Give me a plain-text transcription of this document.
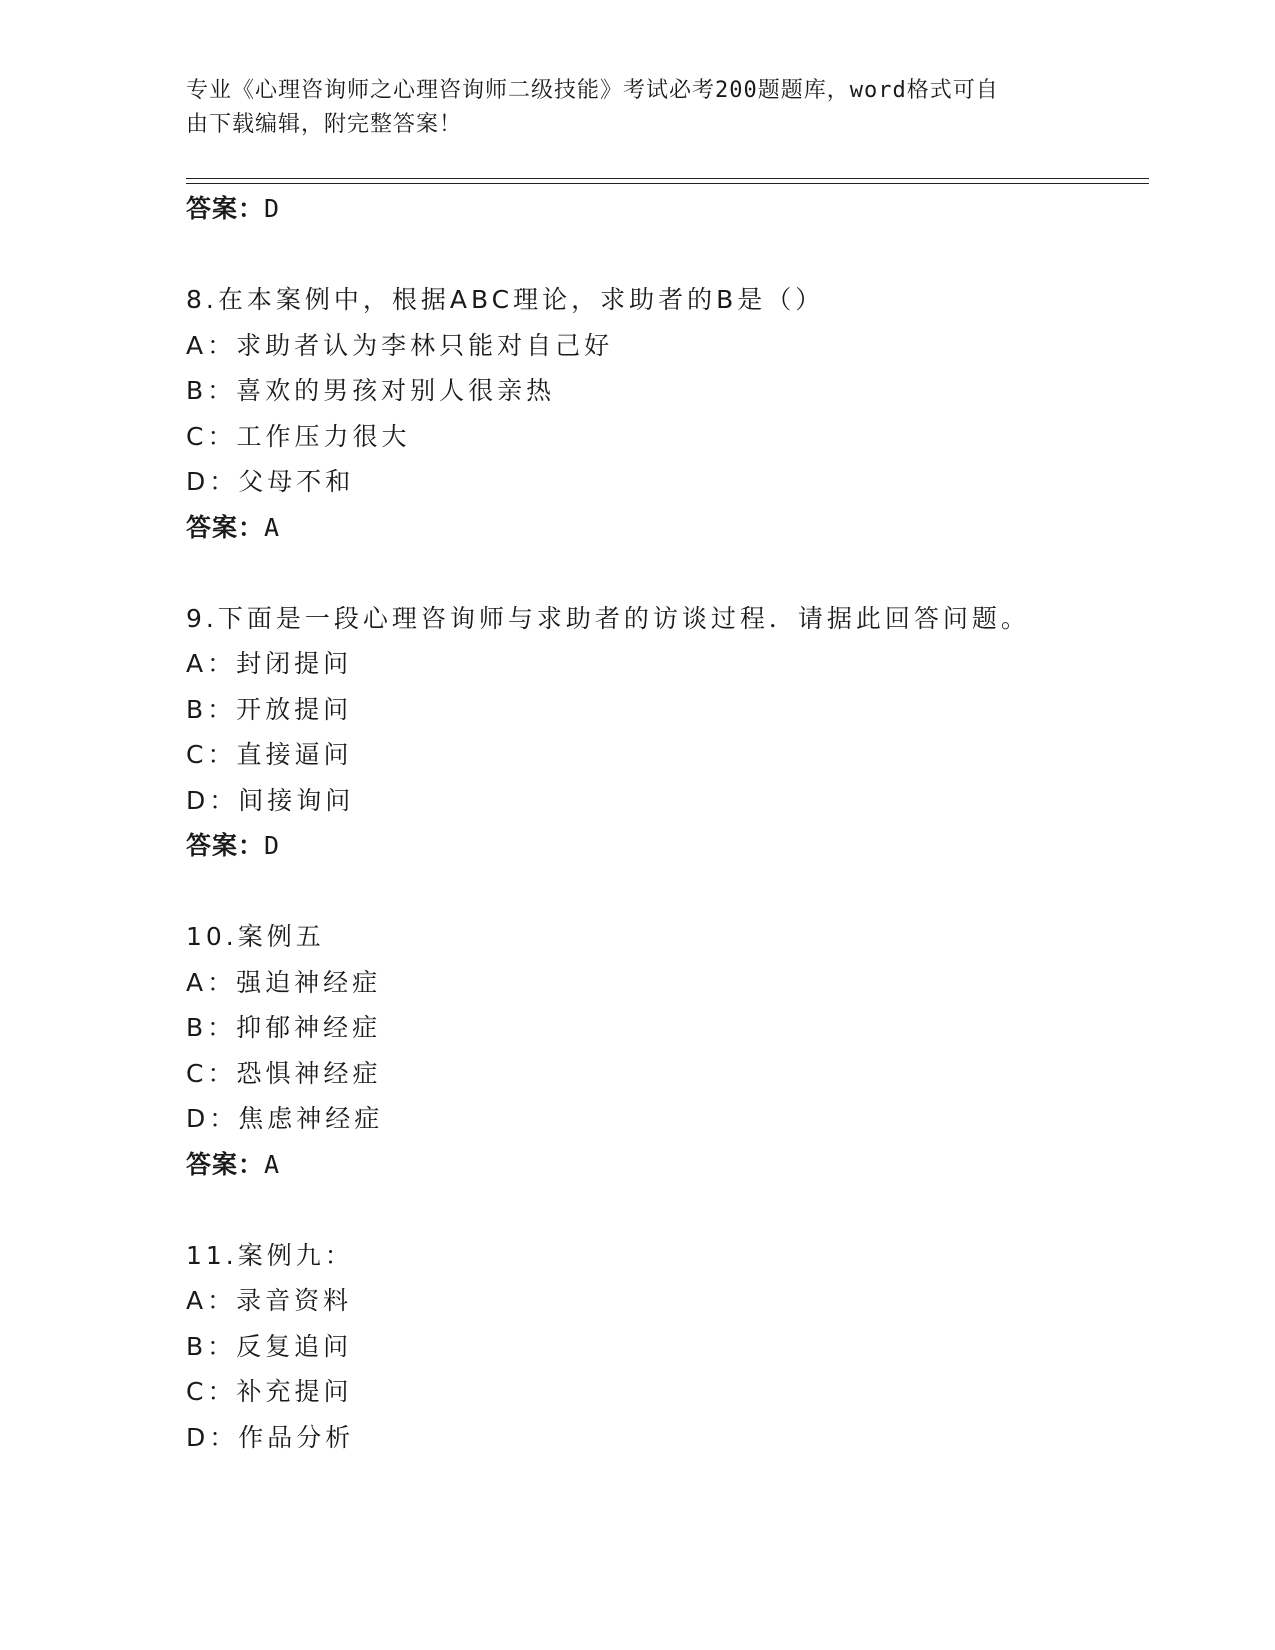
专业《心理咨询师之心理咨询师二级技能》考试必考200题题库，word格式可自
由下载编辑，附完整答案！
答案：D
8.在本案例中，根据ABC理论，求助者的B是（）
A：求助者认为李林只能对自己好
B：喜欢的男孩对别人很亲热
C：工作压力很大
D：父母不和
答案：A
9.下面是一段心理咨询师与求助者的访谈过程．请据此回答问题。
A：封闭提问
B：开放提问
C：直接逼问
D：间接询问
答案：D
10.案例五
A：强迫神经症
B：抑郁神经症
C：恐惧神经症
D：焦虑神经症
答案：A
11.案例九：
A：录音资料
B：反复追问
C：补充提问
D：作品分析
